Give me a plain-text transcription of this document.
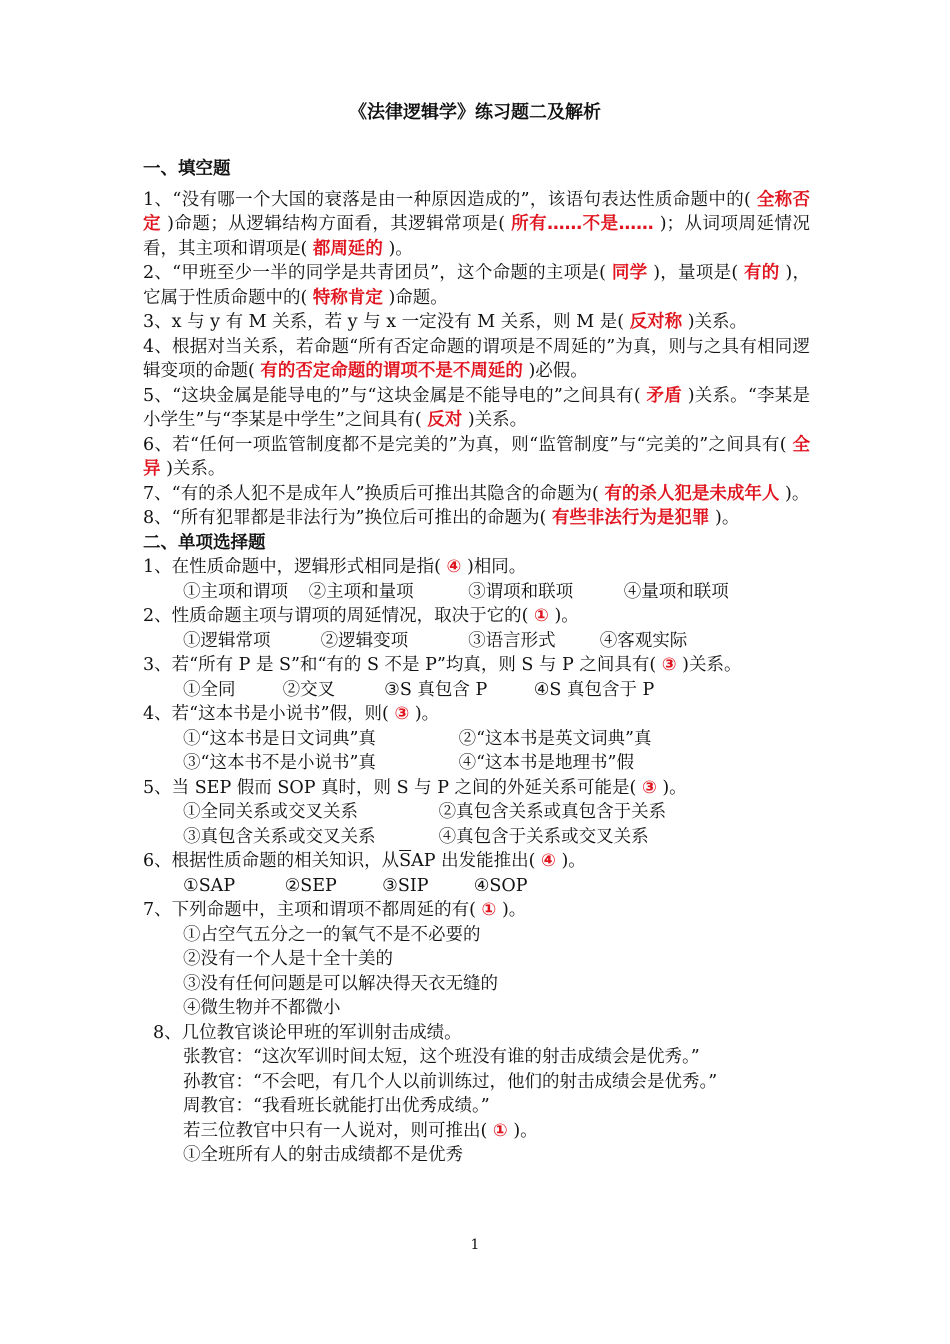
《法律逻辑学》练习题二及解析
一、填空题
1、“没有哪一个大国的衰落是由一种原因造成的”，该语句表达性质命题中的( 全称否定 )命题；从逻辑结构方面看，其逻辑常项是( 所有……不是…… )；从词项周延情况看，其主项和谓项是( 都周延的 )。
2、“甲班至少一半的同学是共青团员”，这个命题的主项是( 同学 )，量项是( 有的 )，它属于性质命题中的( 特称肯定 )命题。
3、x 与 y 有 M 关系，若 y 与 x 一定没有 M 关系，则 M 是( 反对称 )关系。
4、根据对当关系，若命题“所有否定命题的谓项是不周延的”为真，则与之具有相同逻辑变项的命题( 有的否定命题的谓项不是不周延的 )必假。
5、“这块金属是能导电的”与“这块金属是不能导电的”之间具有( 矛盾 )关系。“李某是小学生”与“李某是中学生”之间具有( 反对 )关系。
6、若“任何一项监管制度都不是完美的”为真，则“监管制度”与“完美的”之间具有( 全异 )关系。
7、“有的杀人犯不是成年人”换质后可推出其隐含的命题为( 有的杀人犯是未成年人 )。
8、“所有犯罪都是非法行为”换位后可推出的命题为( 有些非法行为是犯罪 )。
二、单项选择题
1、在性质命题中，逻辑形式相同是指( ④ )相同。
①主项和谓项 ②主项和量项	③谓项和联项	④量项和联项
2、性质命题主项与谓项的周延情况，取决于它的( ① )。
①逻辑常项	②逻辑变项	③语言形式	④客观实际
3、若“所有 P 是 S”和“有的 S 不是 P”均真，则 S 与 P 之间具有( ③ )关系。
①全同	②交叉	③S 真包含 P	④S 真包含于 P
4、若“这本书是小说书”假，则( ③ )。
①“这本书是日文词典”真	②“这本书是英文词典”真
③“这本书不是小说书”真	④“这本书是地理书”假
5、当 SEP 假而 SOP 真时，则 S 与 P 之间的外延关系可能是( ③ )。
①全同关系或交叉关系	②真包含关系或真包含于关系
③真包含关系或交叉关系	④真包含于关系或交叉关系
6、根据性质命题的相关知识，从$\overline{S}AP$ 出发能推出( ④ )。
①SAP	②SEP	③SIP	④SOP
7、下列命题中，主项和谓项不都周延的有( ① )。
①占空气五分之一的氧气不是不必要的
②没有一个人是十全十美的
③没有任何问题是可以解决得天衣无缝的
④微生物并不都微小
8、几位教官谈论甲班的军训射击成绩。
张教官：“这次军训时间太短，这个班没有谁的射击成绩会是优秀。”
孙教官：“不会吧，有几个人以前训练过，他们的射击成绩会是优秀。”
周教官：“我看班长就能打出优秀成绩。”
若三位教官中只有一人说对，则可推出( ① )。
①全班所有人的射击成绩都不是优秀
1
